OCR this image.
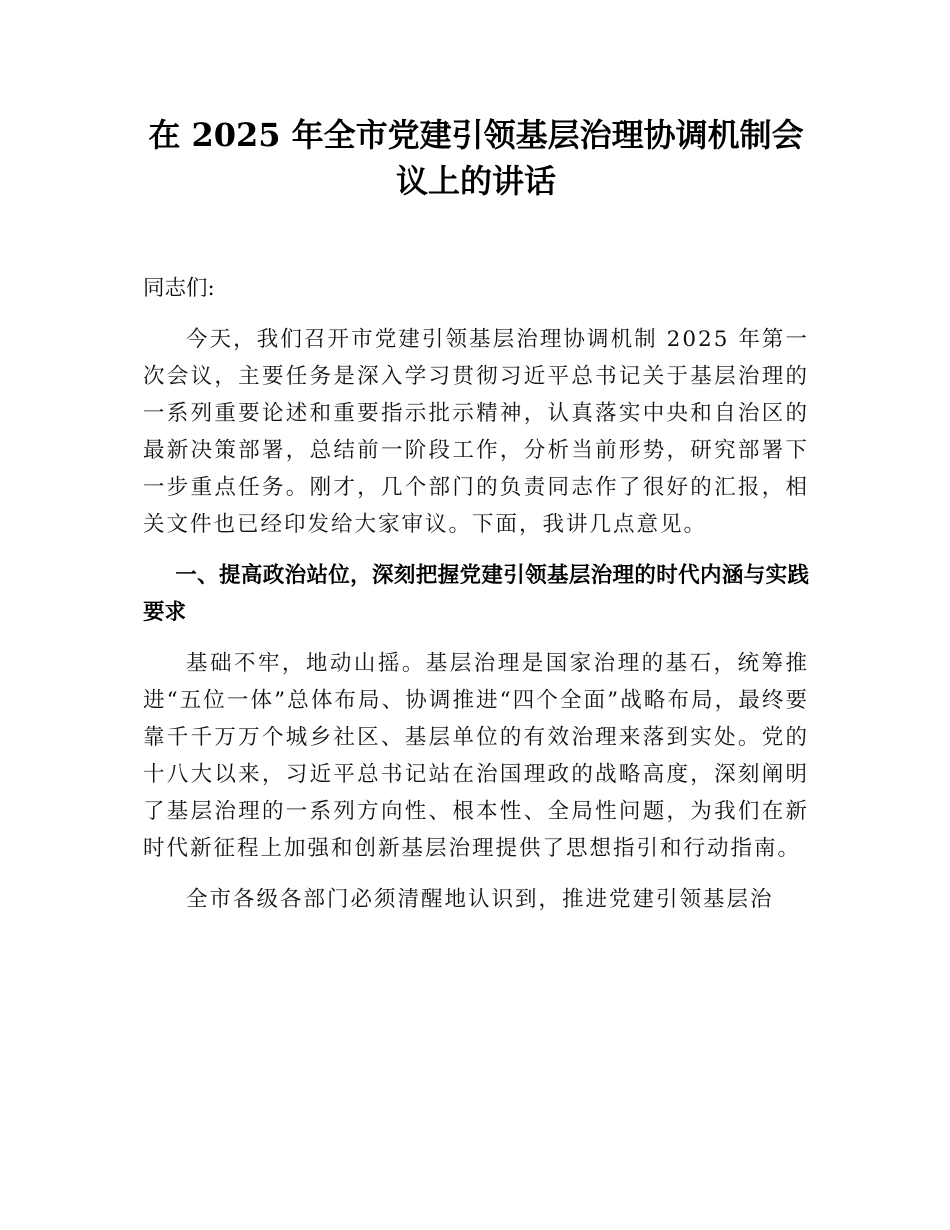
在 2025 年全市党建引领基层治理协调机制会议上的讲话

同志们:

今天，我们召开市党建引领基层治理协调机制 2025 年第一次会议，主要任务是深入学习贯彻习近平总书记关于基层治理的一系列重要论述和重要指示批示精神，认真落实中央和自治区的最新决策部署，总结前一阶段工作，分析当前形势，研究部署下一步重点任务。刚才，几个部门的负责同志作了很好的汇报，相关文件也已经印发给大家审议。下面，我讲几点意见。

一、提高政治站位，深刻把握党建引领基层治理的时代内涵与实践要求

基础不牢，地动山摇。基层治理是国家治理的基石，统筹推进“五位一体”总体布局、协调推进“四个全面”战略布局，最终要靠千千万万个城乡社区、基层单位的有效治理来落到实处。党的十八大以来，习近平总书记站在治国理政的战略高度，深刻阐明了基层治理的一系列方向性、根本性、全局性问题，为我们在新时代新征程上加强和创新基层治理提供了思想指引和行动指南。

全市各级各部门必须清醒地认识到，推进党建引领基层治
